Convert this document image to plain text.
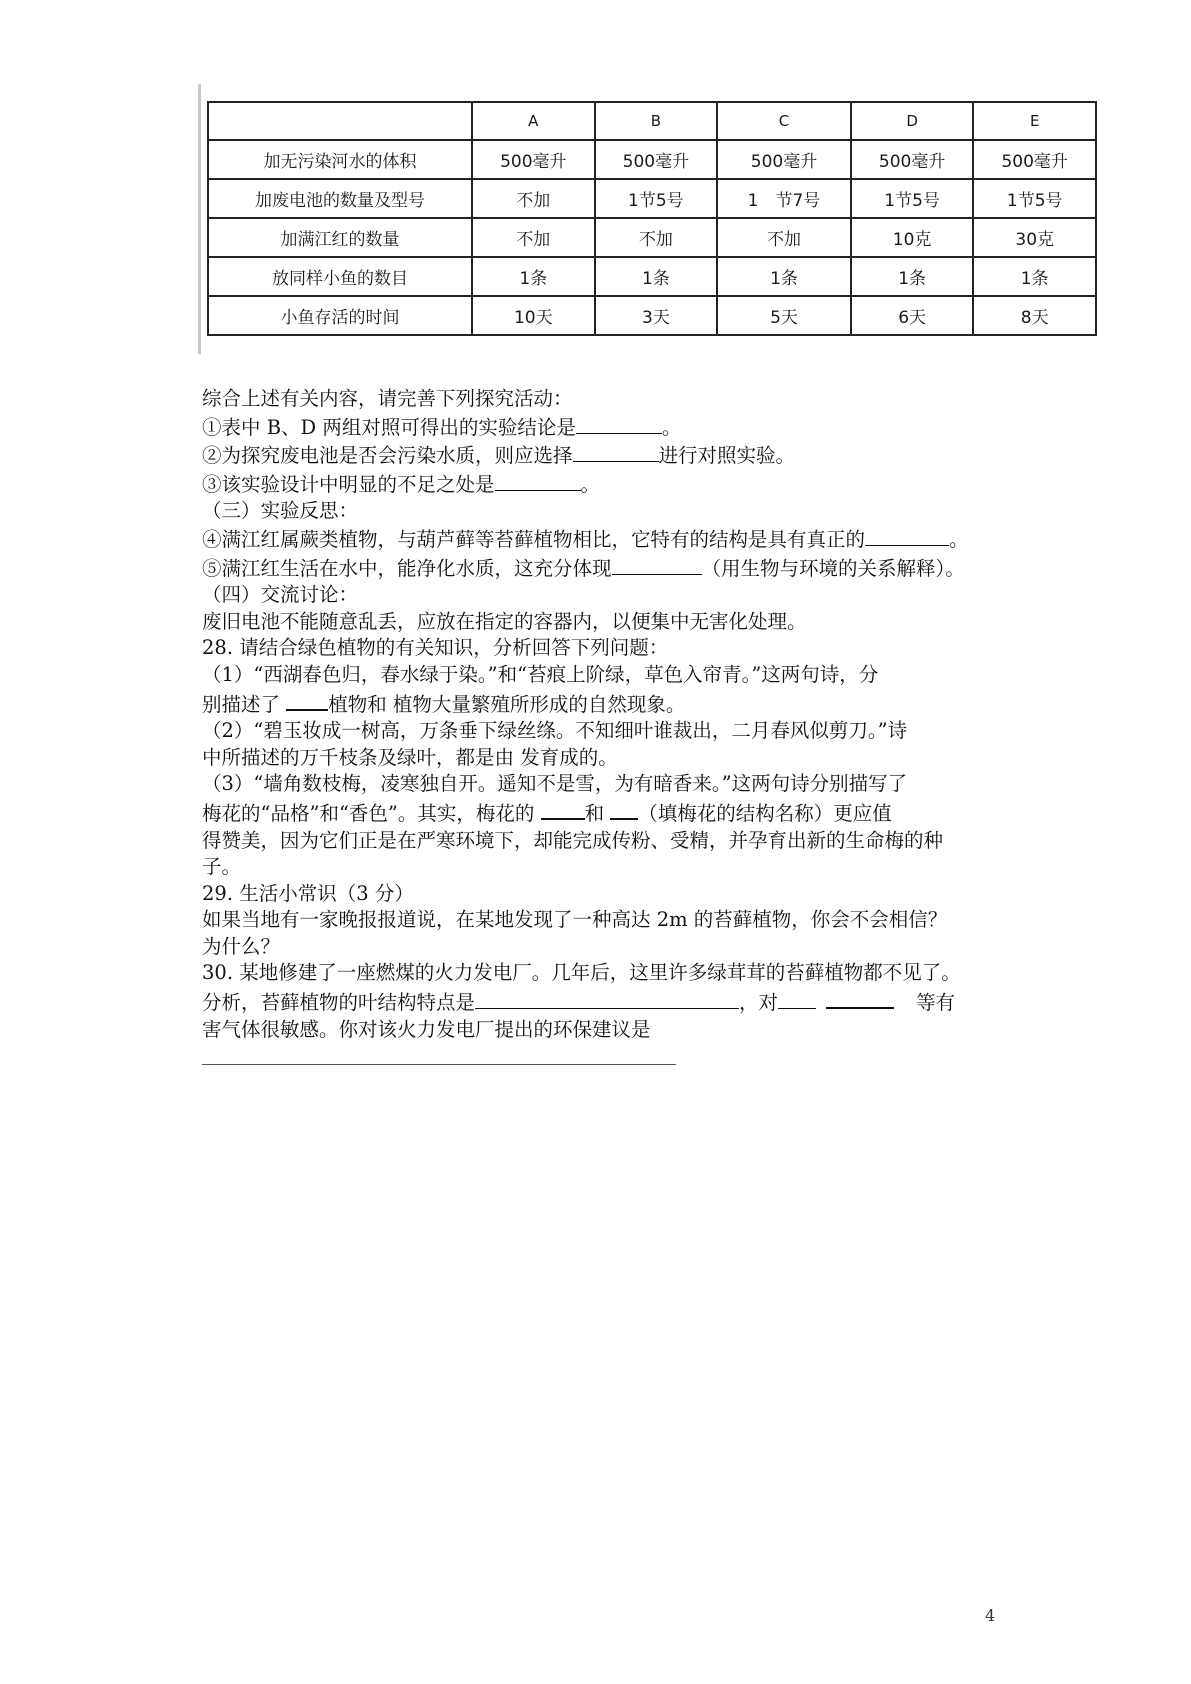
	A	B	C	D	E
加无污染河水的体积	500毫升	500毫升	500毫升	500毫升	500毫升
加废电池的数量及型号	不加	1节5号	1　节7号	1节5号	1节5号
加满江红的数量	不加	不加	不加	10克	30克
放同样小鱼的数目	1条	1条	1条	1条	1条
小鱼存活的时间	10天	3天	5天	6天	8天

综合上述有关内容，请完善下列探究活动：

①表中 B、D 两组对照可得出的实验结论是	。

②为探究废电池是否会污染水质，则应选择	进行对照实验。

③该实验设计中明显的不足之处是	。

（三）实验反思：

④满江红属蕨类植物，与葫芦藓等苔藓植物相比，它特有的结构是具有真正的	。

⑤满江红生活在水中，能净化水质，这充分体现	（用生物与环境的关系解释）。

（四）交流讨论：

废旧电池不能随意乱丢，应放在指定的容器内，以便集中无害化处理。

28. 请结合绿色植物的有关知识，分析回答下列问题：

（1）“西湖春色归，春水绿于染。”和“苔痕上阶绿，草色入帘青。”这两句诗，分

别描述了 植物和 植物大量繁殖所形成的自然现象。

（2）“碧玉妆成一树高，万条垂下绿丝绦。不知细叶谁裁出，二月春风似剪刀。”诗

中所描述的万千枝条及绿叶，都是由 发育成的。

（3）“墙角数枝梅，凌寒独自开。遥知不是雪，为有暗香来。”这两句诗分别描写了

梅花的“品格”和“香色”。其实，梅花的 和 （填梅花的结构名称）更应值

得赞美，因为它们正是在严寒环境下，却能完成传粉、受精，并孕育出新的生命梅的种

子。

29. 生活小常识（3 分）

如果当地有一家晚报报道说，在某地发现了一种高达 2m 的苔藓植物，你会不会相信？

为什么？

30. 某地修建了一座燃煤的火力发电厂。几年后，这里许多绿茸茸的苔藓植物都不见了。

分析，苔藓植物的叶结构特点是	，对	等有

害气体很敏感。你对该火力发电厂提出的环保建议是

4
